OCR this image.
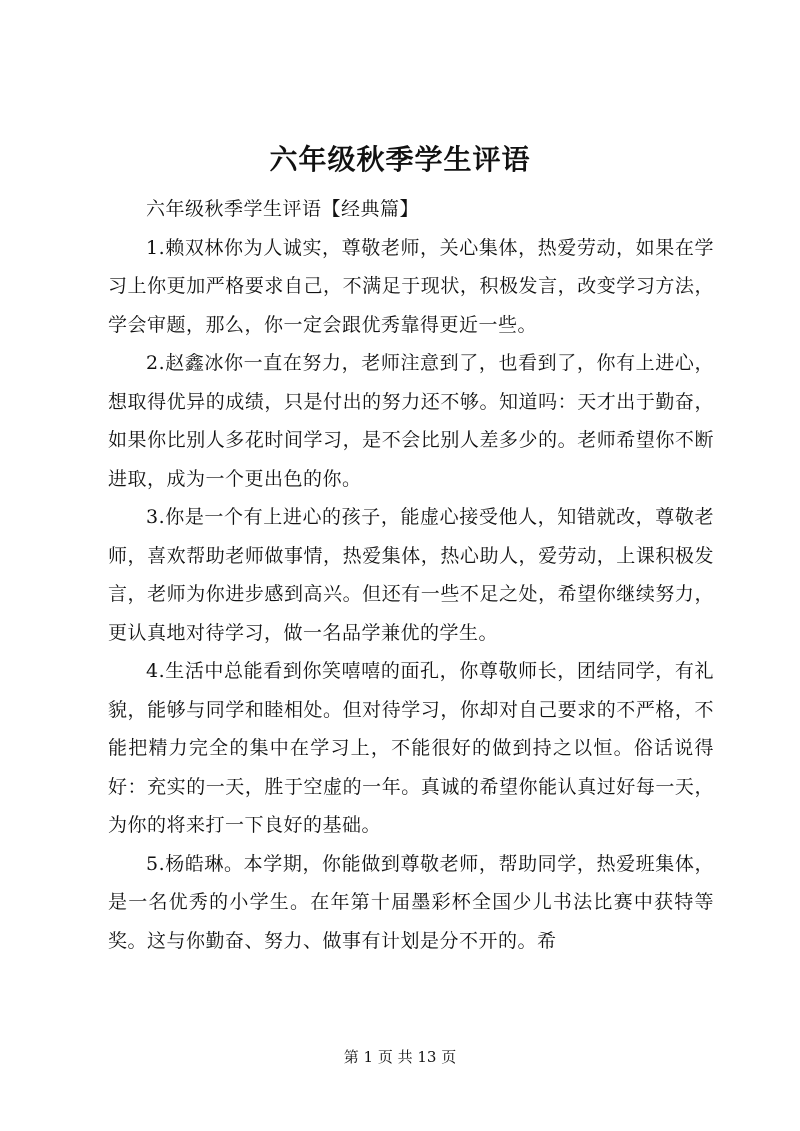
六年级秋季学生评语

六年级秋季学生评语【经典篇】

1.赖双林你为人诚实，尊敬老师，关心集体，热爱劳动，如果在学习上你更加严格要求自己，不满足于现状，积极发言，改变学习方法，学会审题，那么，你一定会跟优秀靠得更近一些。

2.赵鑫冰你一直在努力，老师注意到了，也看到了，你有上进心，想取得优异的成绩，只是付出的努力还不够。知道吗：天才出于勤奋，如果你比别人多花时间学习，是不会比别人差多少的。老师希望你不断进取，成为一个更出色的你。

3.你是一个有上进心的孩子，能虚心接受他人，知错就改，尊敬老师，喜欢帮助老师做事情，热爱集体，热心助人，爱劳动，上课积极发言，老师为你进步感到高兴。但还有一些不足之处，希望你继续努力，更认真地对待学习，做一名品学兼优的学生。

4.生活中总能看到你笑嘻嘻的面孔，你尊敬师长，团结同学，有礼貌，能够与同学和睦相处。但对待学习，你却对自己要求的不严格，不能把精力完全的集中在学习上，不能很好的做到持之以恒。俗话说得好：充实的一天，胜于空虚的一年。真诚的希望你能认真过好每一天，为你的将来打一下良好的基础。

5.杨皓琳。本学期，你能做到尊敬老师，帮助同学，热爱班集体，是一名优秀的小学生。在年第十届墨彩杯全国少儿书法比赛中获特等奖。这与你勤奋、努力、做事有计划是分不开的。希

第 1 页 共 13 页
